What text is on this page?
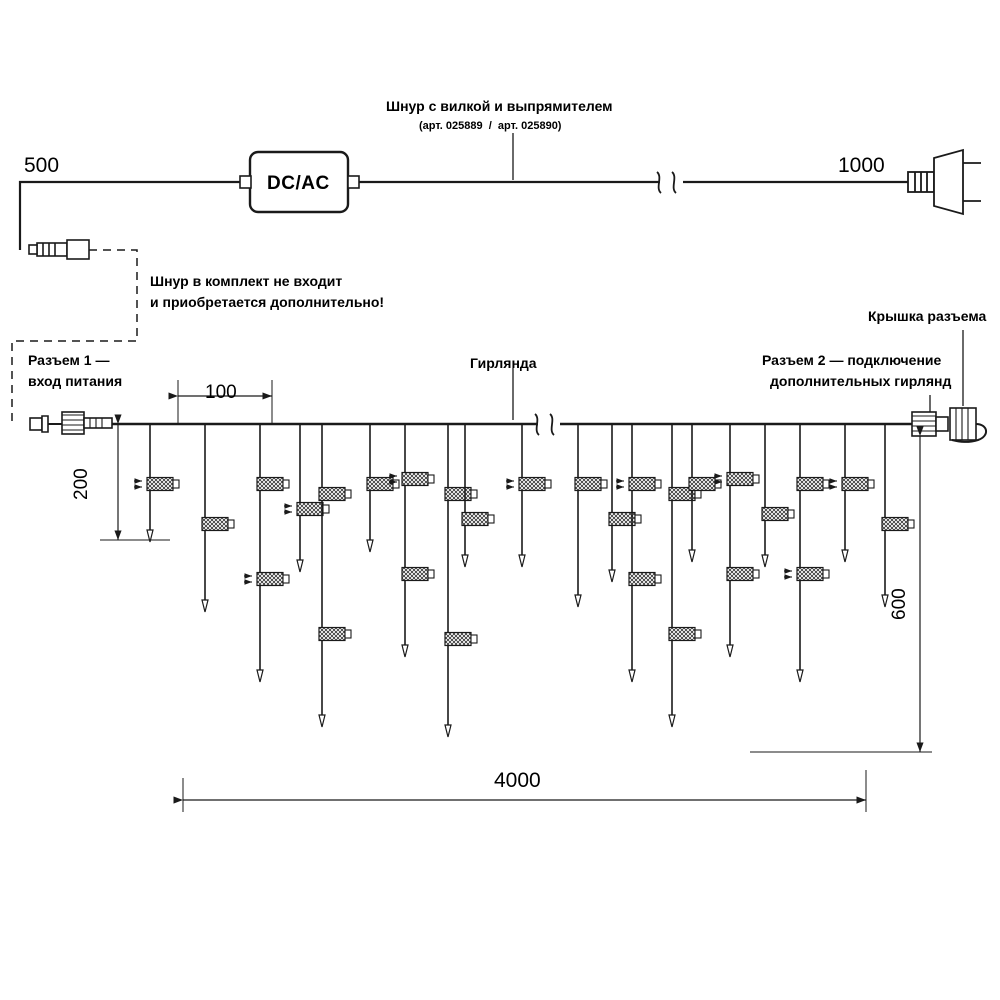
Шнур с вилкой и выпрямителем
(арт. 025889  /  арт. 025890)
500	1000
DC/AC
Шнур в комплект не входит
и приобретается дополнительно!
Разъем 1 —
вход питания
Гирлянда
Крышка разъема
Разъем 2 — подключение
дополнительных гирлянд
100
200
600
4000
